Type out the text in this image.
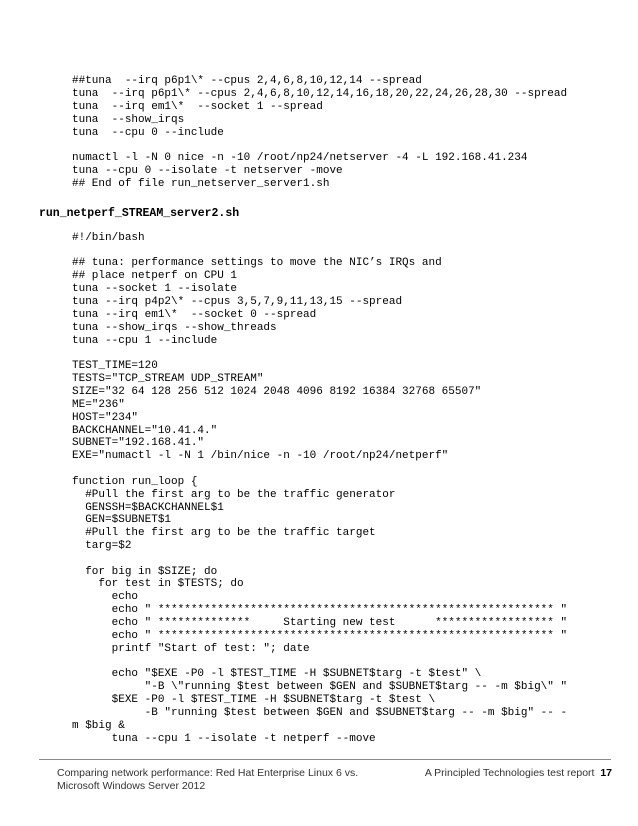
##tuna  --irq p6p1\* --cpus 2,4,6,8,10,12,14 --spread
tuna  --irq p6p1\* --cpus 2,4,6,8,10,12,14,16,18,20,22,24,26,28,30 --spread
tuna  --irq em1\*  --socket 1 --spread
tuna  --show_irqs
tuna  --cpu 0 --include
numactl -l -N 0 nice -n -10 /root/np24/netserver -4 -L 192.168.41.234
tuna --cpu 0 --isolate -t netserver -move
## End of file run_netserver_server1.sh
run_netperf_STREAM_server2.sh
#!/bin/bash
## tuna: performance settings to move the NIC’s IRQs and
## place netperf on CPU 1
tuna --socket 1 --isolate
tuna --irq p4p2\* --cpus 3,5,7,9,11,13,15 --spread
tuna --irq em1\*  --socket 0 --spread
tuna --show_irqs --show_threads
tuna --cpu 1 --include
TEST_TIME=120
TESTS="TCP_STREAM UDP_STREAM"
SIZE="32 64 128 256 512 1024 2048 4096 8192 16384 32768 65507"
ME="236"
HOST="234"
BACKCHANNEL="10.41.4."
SUBNET="192.168.41."
EXE="numactl -l -N 1 /bin/nice -n -10 /root/np24/netperf"
function run_loop {
#Pull the first arg to be the traffic generator
GENSSH=$BACKCHANNEL$1
GEN=$SUBNET$1
#Pull the first arg to be the traffic target
targ=$2
for big in $SIZE; do
for test in $TESTS; do
echo
echo " ************************************************************ "
echo " **************     Starting new test      ****************** "
echo " ************************************************************ "
printf "Start of test: "; date
echo "$EXE -P0 -l $TEST_TIME -H $SUBNET$targ -t $test" \
"-B \"running $test between $GEN and $SUBNET$targ -- -m $big\" "
$EXE -P0 -l $TEST_TIME -H $SUBNET$targ -t $test \
-B "running $test between $GEN and $SUBNET$targ -- -m $big" -- -
m $big &
tuna --cpu 1 --isolate -t netperf --move
Comparing network performance: Red Hat Enterprise Linux 6 vs.
Microsoft Windows Server 2012
A Principled Technologies test report 17
